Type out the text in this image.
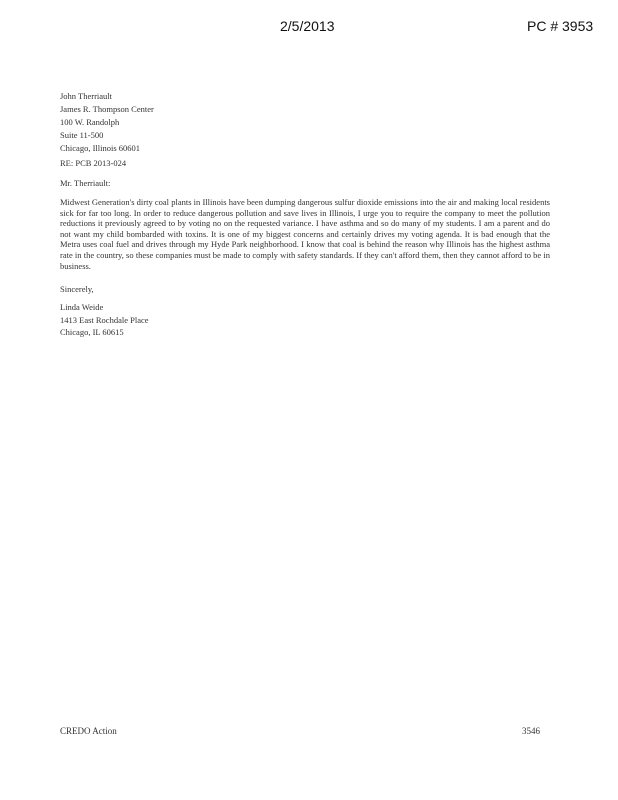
2/5/2013	PC # 3953
John Therriault
James R. Thompson Center
100 W. Randolph
Suite 11-500
Chicago, Illinois 60601
RE: PCB 2013-024
Mr. Therriault:
Midwest Generation's dirty coal plants in Illinois have been dumping dangerous sulfur dioxide emissions into the air and making local residents sick for far too long. In order to reduce dangerous pollution and save lives in Illinois, I urge you to require the company to meet the pollution reductions it previously agreed to by voting no on the requested variance. I have asthma and so do many of my students. I am a parent and do not want my child bombarded with toxins. It is one of my biggest concerns and certainly drives my voting agenda. It is bad enough that the Metra uses coal fuel and drives through my Hyde Park neighborhood. I know that coal is behind the reason why Illinois has the highest asthma rate in the country, so these companies must be made to comply with safety standards. If they can't afford them, then they cannot afford to be in business.
Sincerely,
Linda Weide
1413 East Rochdale Place
Chicago, IL 60615
CREDO Action	3546
